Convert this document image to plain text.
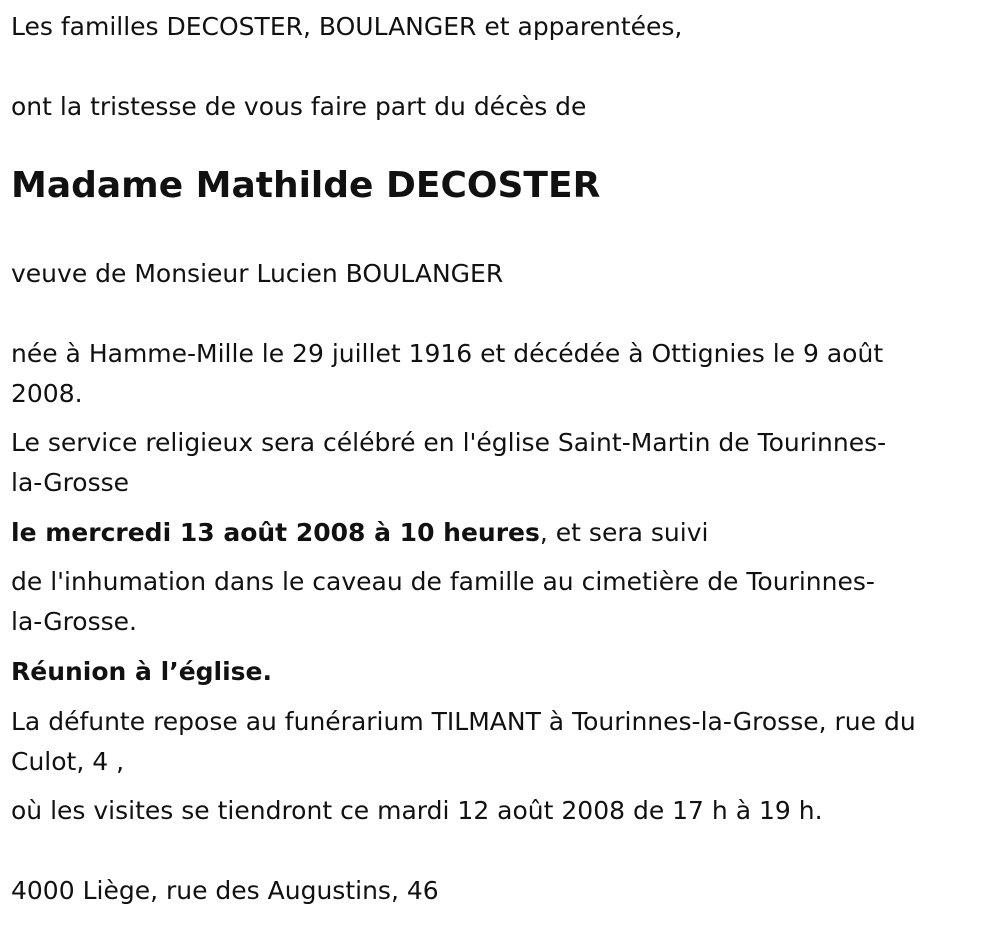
Les familles DECOSTER, BOULANGER et apparentées,

ont la tristesse de vous faire part du décès de

Madame Mathilde DECOSTER

veuve de Monsieur Lucien BOULANGER

née à Hamme-Mille le 29 juillet 1916 et décédée à Ottignies le 9 août

2008.

Le service religieux sera célébré en l'église Saint-Martin de Tourinnes-

la-Grosse

le mercredi 13 août 2008 à 10 heures, et sera suivi

de l'inhumation dans le caveau de famille au cimetière de Tourinnes-

la-Grosse.

Réunion à l’église.

La défunte repose au funérarium TILMANT à Tourinnes-la-Grosse, rue du

Culot, 4 ,

où les visites se tiendront ce mardi 12 août 2008 de 17 h à 19 h.

4000 Liège, rue des Augustins, 46
